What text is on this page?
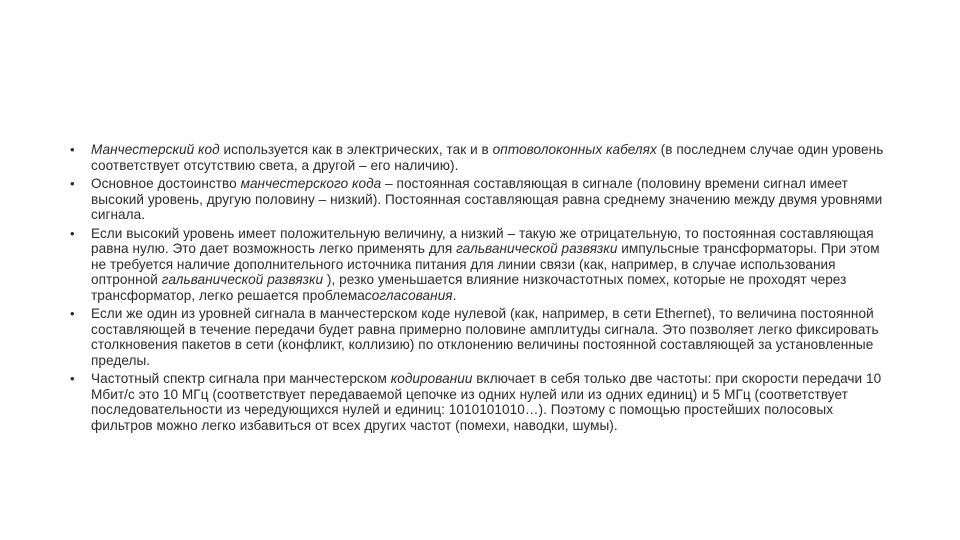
• Манчестерский код используется как в электрических, так и в оптоволоконных кабелях (в последнем случае один уровень соответствует отсутствию света, а другой – его наличию).
• Основное достоинство манчестерского кода – постоянная составляющая в сигнале (половину времени сигнал имеет высокий уровень, другую половину – низкий). Постоянная составляющая равна среднему значению между двумя уровнями сигнала.
• Если высокий уровень имеет положительную величину, а низкий – такую же отрицательную, то постоянная составляющая равна нулю. Это дает возможность легко применять для гальванической развязки импульсные трансформаторы. При этом не требуется наличие дополнительного источника питания для линии связи (как, например, в случае использования оптронной гальванической развязки ), резко уменьшается влияние низкочастотных помех, которые не проходят через трансформатор, легко решается проблемасогласования.
• Если же один из уровней сигнала в манчестерском коде нулевой (как, например, в сети Ethernet), то величина постоянной составляющей в течение передачи будет равна примерно половине амплитуды сигнала. Это позволяет легко фиксировать столкновения пакетов в сети (конфликт, коллизию) по отклонению величины постоянной составляющей за установленные пределы.
• Частотный спектр сигнала при манчестерском кодировании включает в себя только две частоты: при скорости передачи 10 Мбит/с это 10 МГц (соответствует передаваемой цепочке из одних нулей или из одних единиц) и 5 МГц (соответствует последовательности из чередующихся нулей и единиц: 1010101010…). Поэтому с помощью простейших полосовых фильтров можно легко избавиться от всех других частот (помехи, наводки, шумы).
